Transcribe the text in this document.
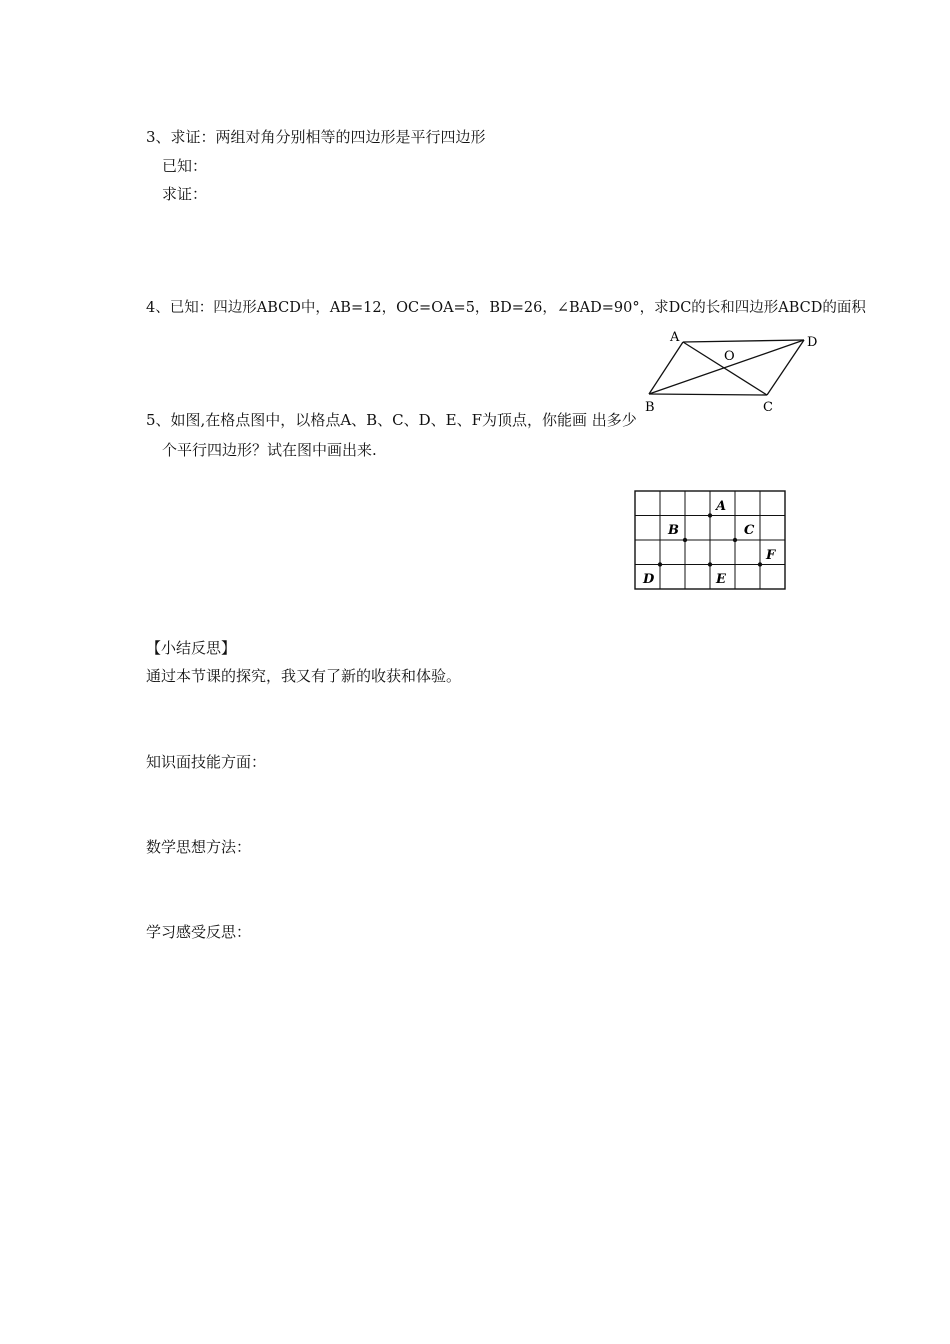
3、求证：两组对角分别相等的四边形是平行四边形
已知：
求证：
4、已知：四边形ABCD中，AB=12，OC=OA=5，BD=26，∠BAD=90°，求DC的长和四边形ABCD的面积
A	D
O
B	C
5、如图,在格点图中，以格点A、B、C、D、E、F为顶点，你能画 出多少
个平行四边形？试在图中画出来.
A
B	C
F
D	E
【小结反思】
通过本节课的探究，我又有了新的收获和体验。
知识面技能方面：
数学思想方法：
学习感受反思：
